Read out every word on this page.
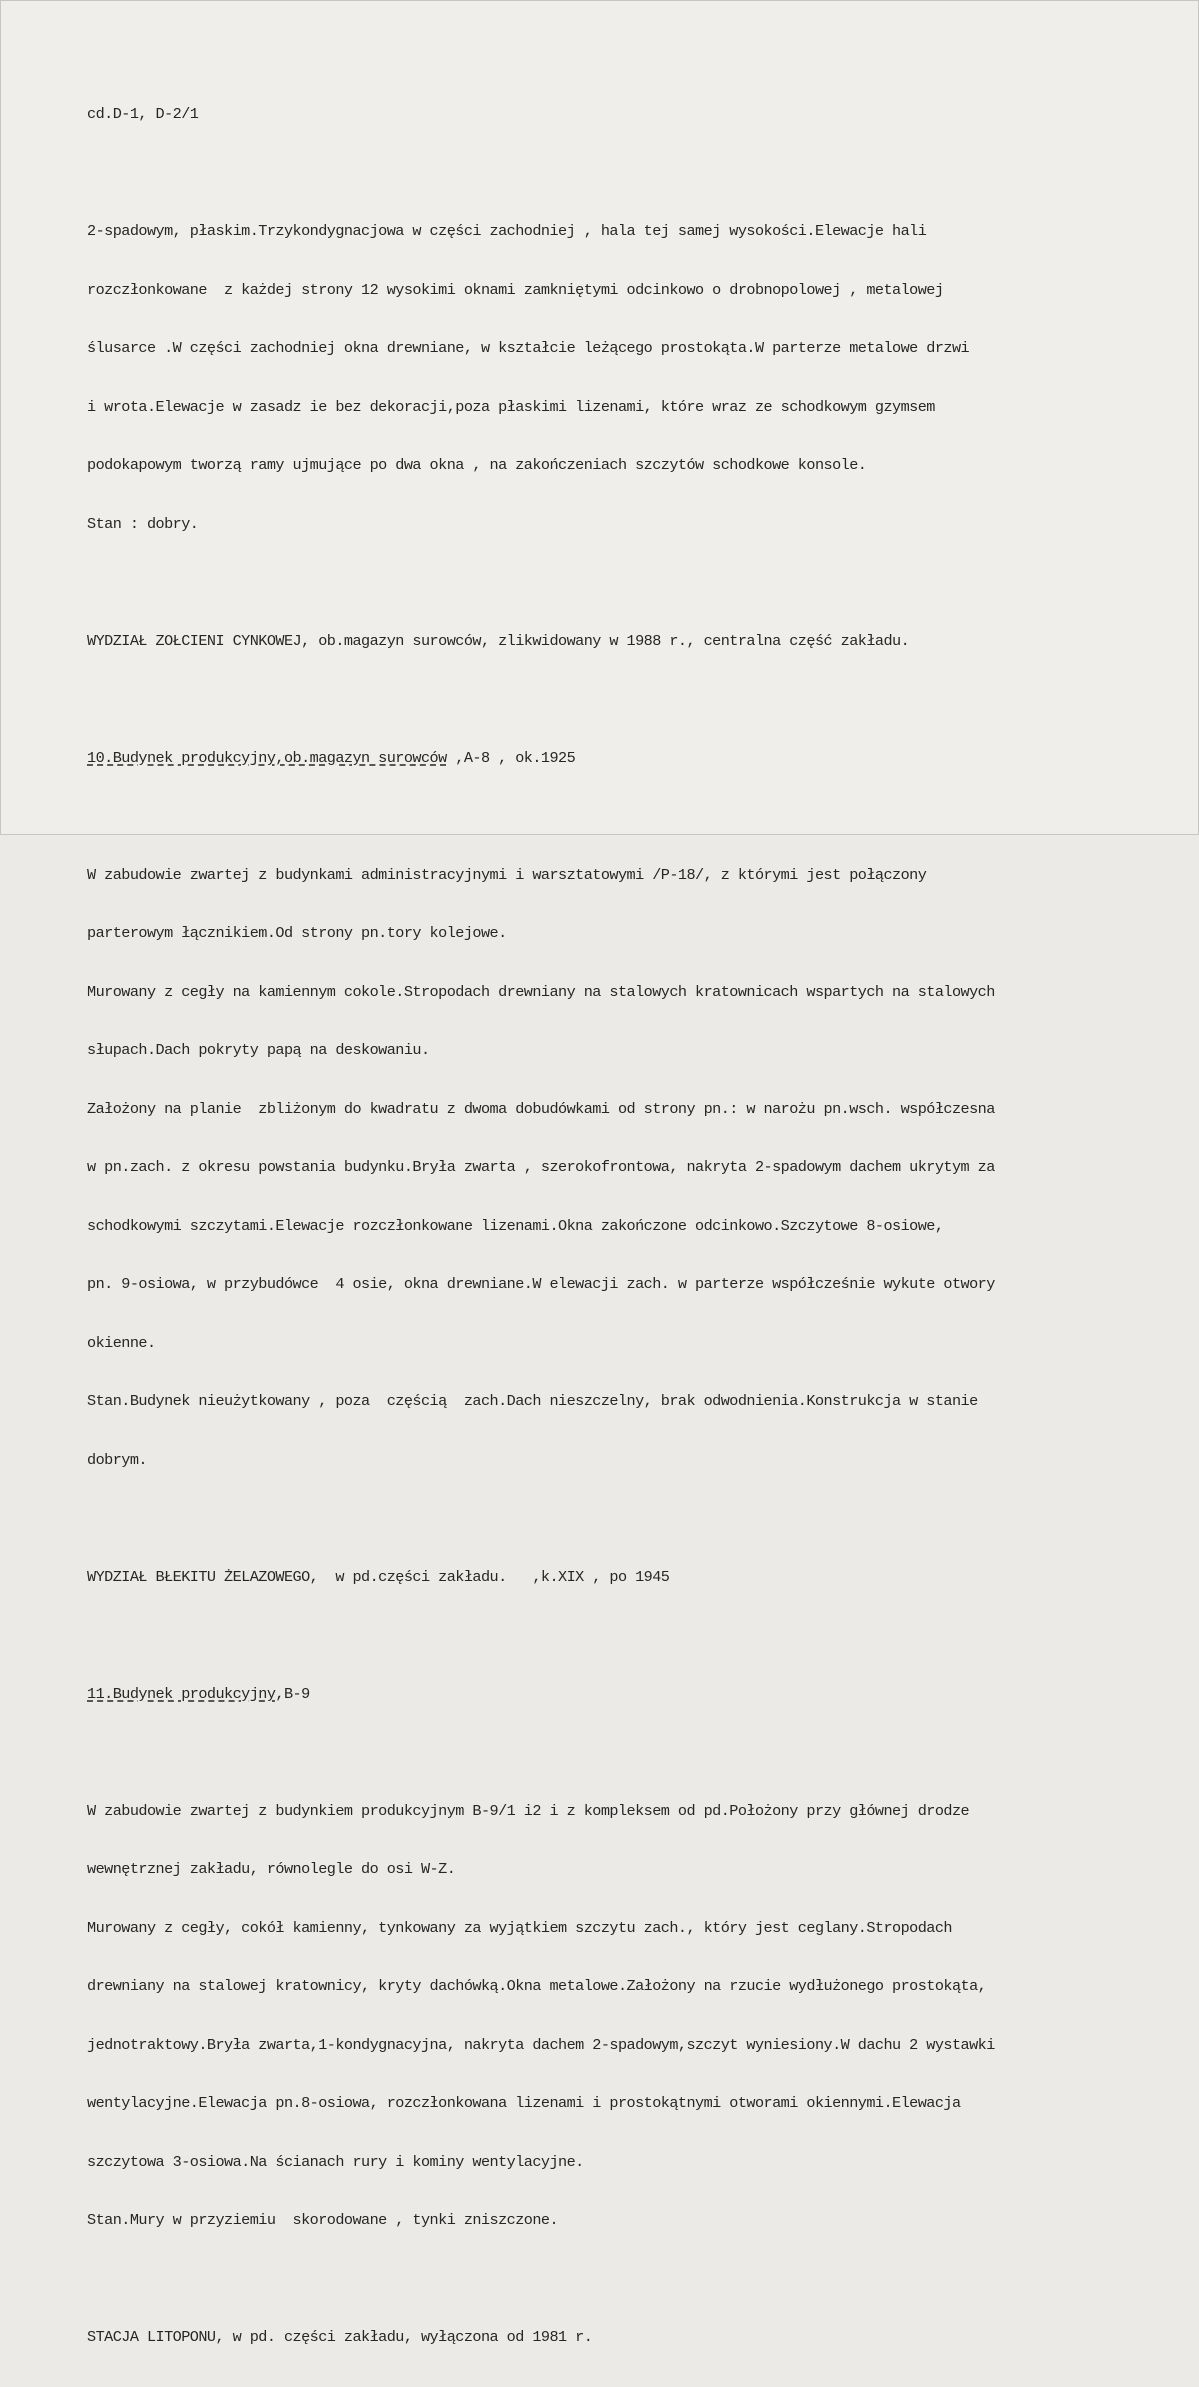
cd.D-1, D-2/1

2-spadowym, płaskim.Trzykondygnacjowa w części zachodniej , hala tej samej wysokości.Elewacje hali

rozczłonkowane  z każdej strony 12 wysokimi oknami zamkniętymi odcinkowo o drobnopolowej , metalowej

ślusarce .W części zachodniej okna drewniane, w kształcie leżącego prostokąta.W parterze metalowe drzwi

i wrota.Elewacje w zasadz ie bez dekoracji,poza płaskimi lizenami, które wraz ze schodkowym gzymsem

podokapowym tworzą ramy ujmujące po dwa okna , na zakończeniach szczytów schodkowe konsole.

Stan : dobry.

WYDZIAŁ ZOŁCIENI CYNKOWEJ, ob.magazyn surowców, zlikwidowany w 1988 r., centralna część zakładu.

10.Budynek produkcyjny,ob.magazyn surowców ,A-8 , ok.1925

W zabudowie zwartej z budynkami administracyjnymi i warsztatowymi /P-18/, z którymi jest połączony

parterowym łącznikiem.Od strony pn.tory kolejowe.

Murowany z cegły na kamiennym cokole.Stropodach drewniany na stalowych kratownicach wspartych na stalowych

słupach.Dach pokryty papą na deskowaniu.

Założony na planie  zbliżonym do kwadratu z dwoma dobudówkami od strony pn.: w narożu pn.wsch. współczesna

w pn.zach. z okresu powstania budynku.Bryła zwarta , szerokofrontowa, nakryta 2-spadowym dachem ukrytym za

schodkowymi szczytami.Elewacje rozczłonkowane lizenami.Okna zakończone odcinkowo.Szczytowe 8-osiowe,

pn. 9-osiowa, w przybudówce  4 osie, okna drewniane.W elewacji zach. w parterze współcześnie wykute otwory

okienne.

Stan.Budynek nieużytkowany , poza  częścią  zach.Dach nieszczelny, brak odwodnienia.Konstrukcja w stanie

dobrym.

WYDZIAŁ BŁEKITU ŻELAZOWEGO,  w pd.części zakładu.   ,k.XIX , po 1945

11.Budynek produkcyjny,B-9

W zabudowie zwartej z budynkiem produkcyjnym B-9/1 i2 i z kompleksem od pd.Położony przy głównej drodze

wewnętrznej zakładu, równolegle do osi W-Z.

Murowany z cegły, cokół kamienny, tynkowany za wyjątkiem szczytu zach., który jest ceglany.Stropodach

drewniany na stalowej kratownicy, kryty dachówką.Okna metalowe.Założony na rzucie wydłużonego prostokąta,

jednotraktowy.Bryła zwarta,1-kondygnacyjna, nakryta dachem 2-spadowym,szczyt wyniesiony.W dachu 2 wystawki

wentylacyjne.Elewacja pn.8-osiowa, rozczłonkowana lizenami i prostokątnymi otworami okiennymi.Elewacja

szczytowa 3-osiowa.Na ścianach rury i kominy wentylacyjne.

Stan.Mury w przyziemiu  skorodowane , tynki zniszczone.

STACJA LITOPONU, w pd. części zakładu, wyłączona od 1981 r.
